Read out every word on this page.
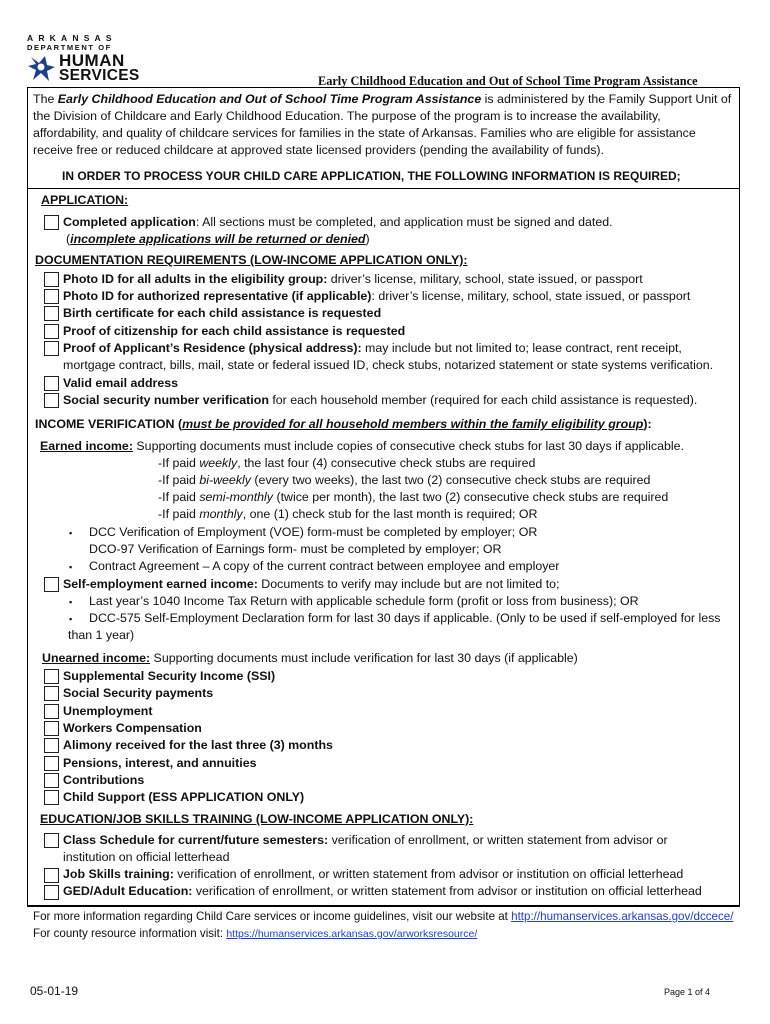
ARKANSAS
DEPARTMENT OF
HUMAN
SERVICES	Early Childhood Education and Out of School Time Program Assistance
The Early Childhood Education and Out of School Time Program Assistance is administered by the Family Support Unit of
the Division of Childcare and Early Childhood Education. The purpose of the program is to increase the availability,
affordability, and quality of childcare services for families in the state of Arkansas. Families who are eligible for assistance
receive free or reduced childcare at approved state licensed providers (pending the availability of funds).
IN ORDER TO PROCESS YOUR CHILD CARE APPLICATION, THE FOLLOWING INFORMATION IS REQUIRED;
APPLICATION:
Completed application: All sections must be completed, and application must be signed and dated.
(incomplete applications will be returned or denied)
DOCUMENTATION REQUIREMENTS (LOW-INCOME APPLICATION ONLY):
Photo ID for all adults in the eligibility group: driver’s license, military, school, state issued, or passport
Photo ID for authorized representative (if applicable): driver’s license, military, school, state issued, or passport
Birth certificate for each child assistance is requested
Proof of citizenship for each child assistance is requested
Proof of Applicant’s Residence (physical address): may include but not limited to; lease contract, rent receipt,
Valid email address
Social security number verification for each household member (required for each child assistance is requested).
mortgage contract, bills, mail, state or federal issued ID, check stubs, notarized statement or state systems verification.
INCOME VERIFICATION (must be provided for all household members within the family eligibility group):
Earned income: Supporting documents must include copies of consecutive check stubs for last 30 days if applicable.
-If paid weekly, the last four (4) consecutive check stubs are required
-If paid bi-weekly (every two weeks), the last two (2) consecutive check stubs are required
-If paid semi-monthly (twice per month), the last two (2) consecutive check stubs are required
-If paid monthly, one (1) check stub for the last month is required; OR
▪ DCC Verification of Employment (VOE) form-must be completed by employer; OR
DCO-97 Verification of Earnings form- must be completed by employer; OR
▪ Contract Agreement – A copy of the current contract between employee and employer
Self-employment earned income: Documents to verify may include but are not limited to;
▪ Last year’s 1040 Income Tax Return with applicable schedule form (profit or loss from business); OR
▪ DCC-575 Self-Employment Declaration form for last 30 days if applicable. (Only to be used if self-employed for less
than 1 year)
Unearned income: Supporting documents must include verification for last 30 days (if applicable)
Supplemental Security Income (SSI)
Social Security payments
Unemployment
Workers Compensation
Alimony received for the last three (3) months
Pensions, interest, and annuities
Contributions
Child Support (ESS APPLICATION ONLY)
EDUCATION/JOB SKILLS TRAINING (LOW-INCOME APPLICATION ONLY):
Class Schedule for current/future semesters: verification of enrollment, or written statement from advisor or
institution on official letterhead
Job Skills training: verification of enrollment, or written statement from advisor or institution on official letterhead
GED/Adult Education: verification of enrollment, or written statement from advisor or institution on official letterhead
For more information regarding Child Care services or income guidelines, visit our website at http://humanservices.arkansas.gov/dccece/
For county resource information visit: https://humanservices.arkansas.gov/arworksresource/
05-01-19	Page 1 of 4
